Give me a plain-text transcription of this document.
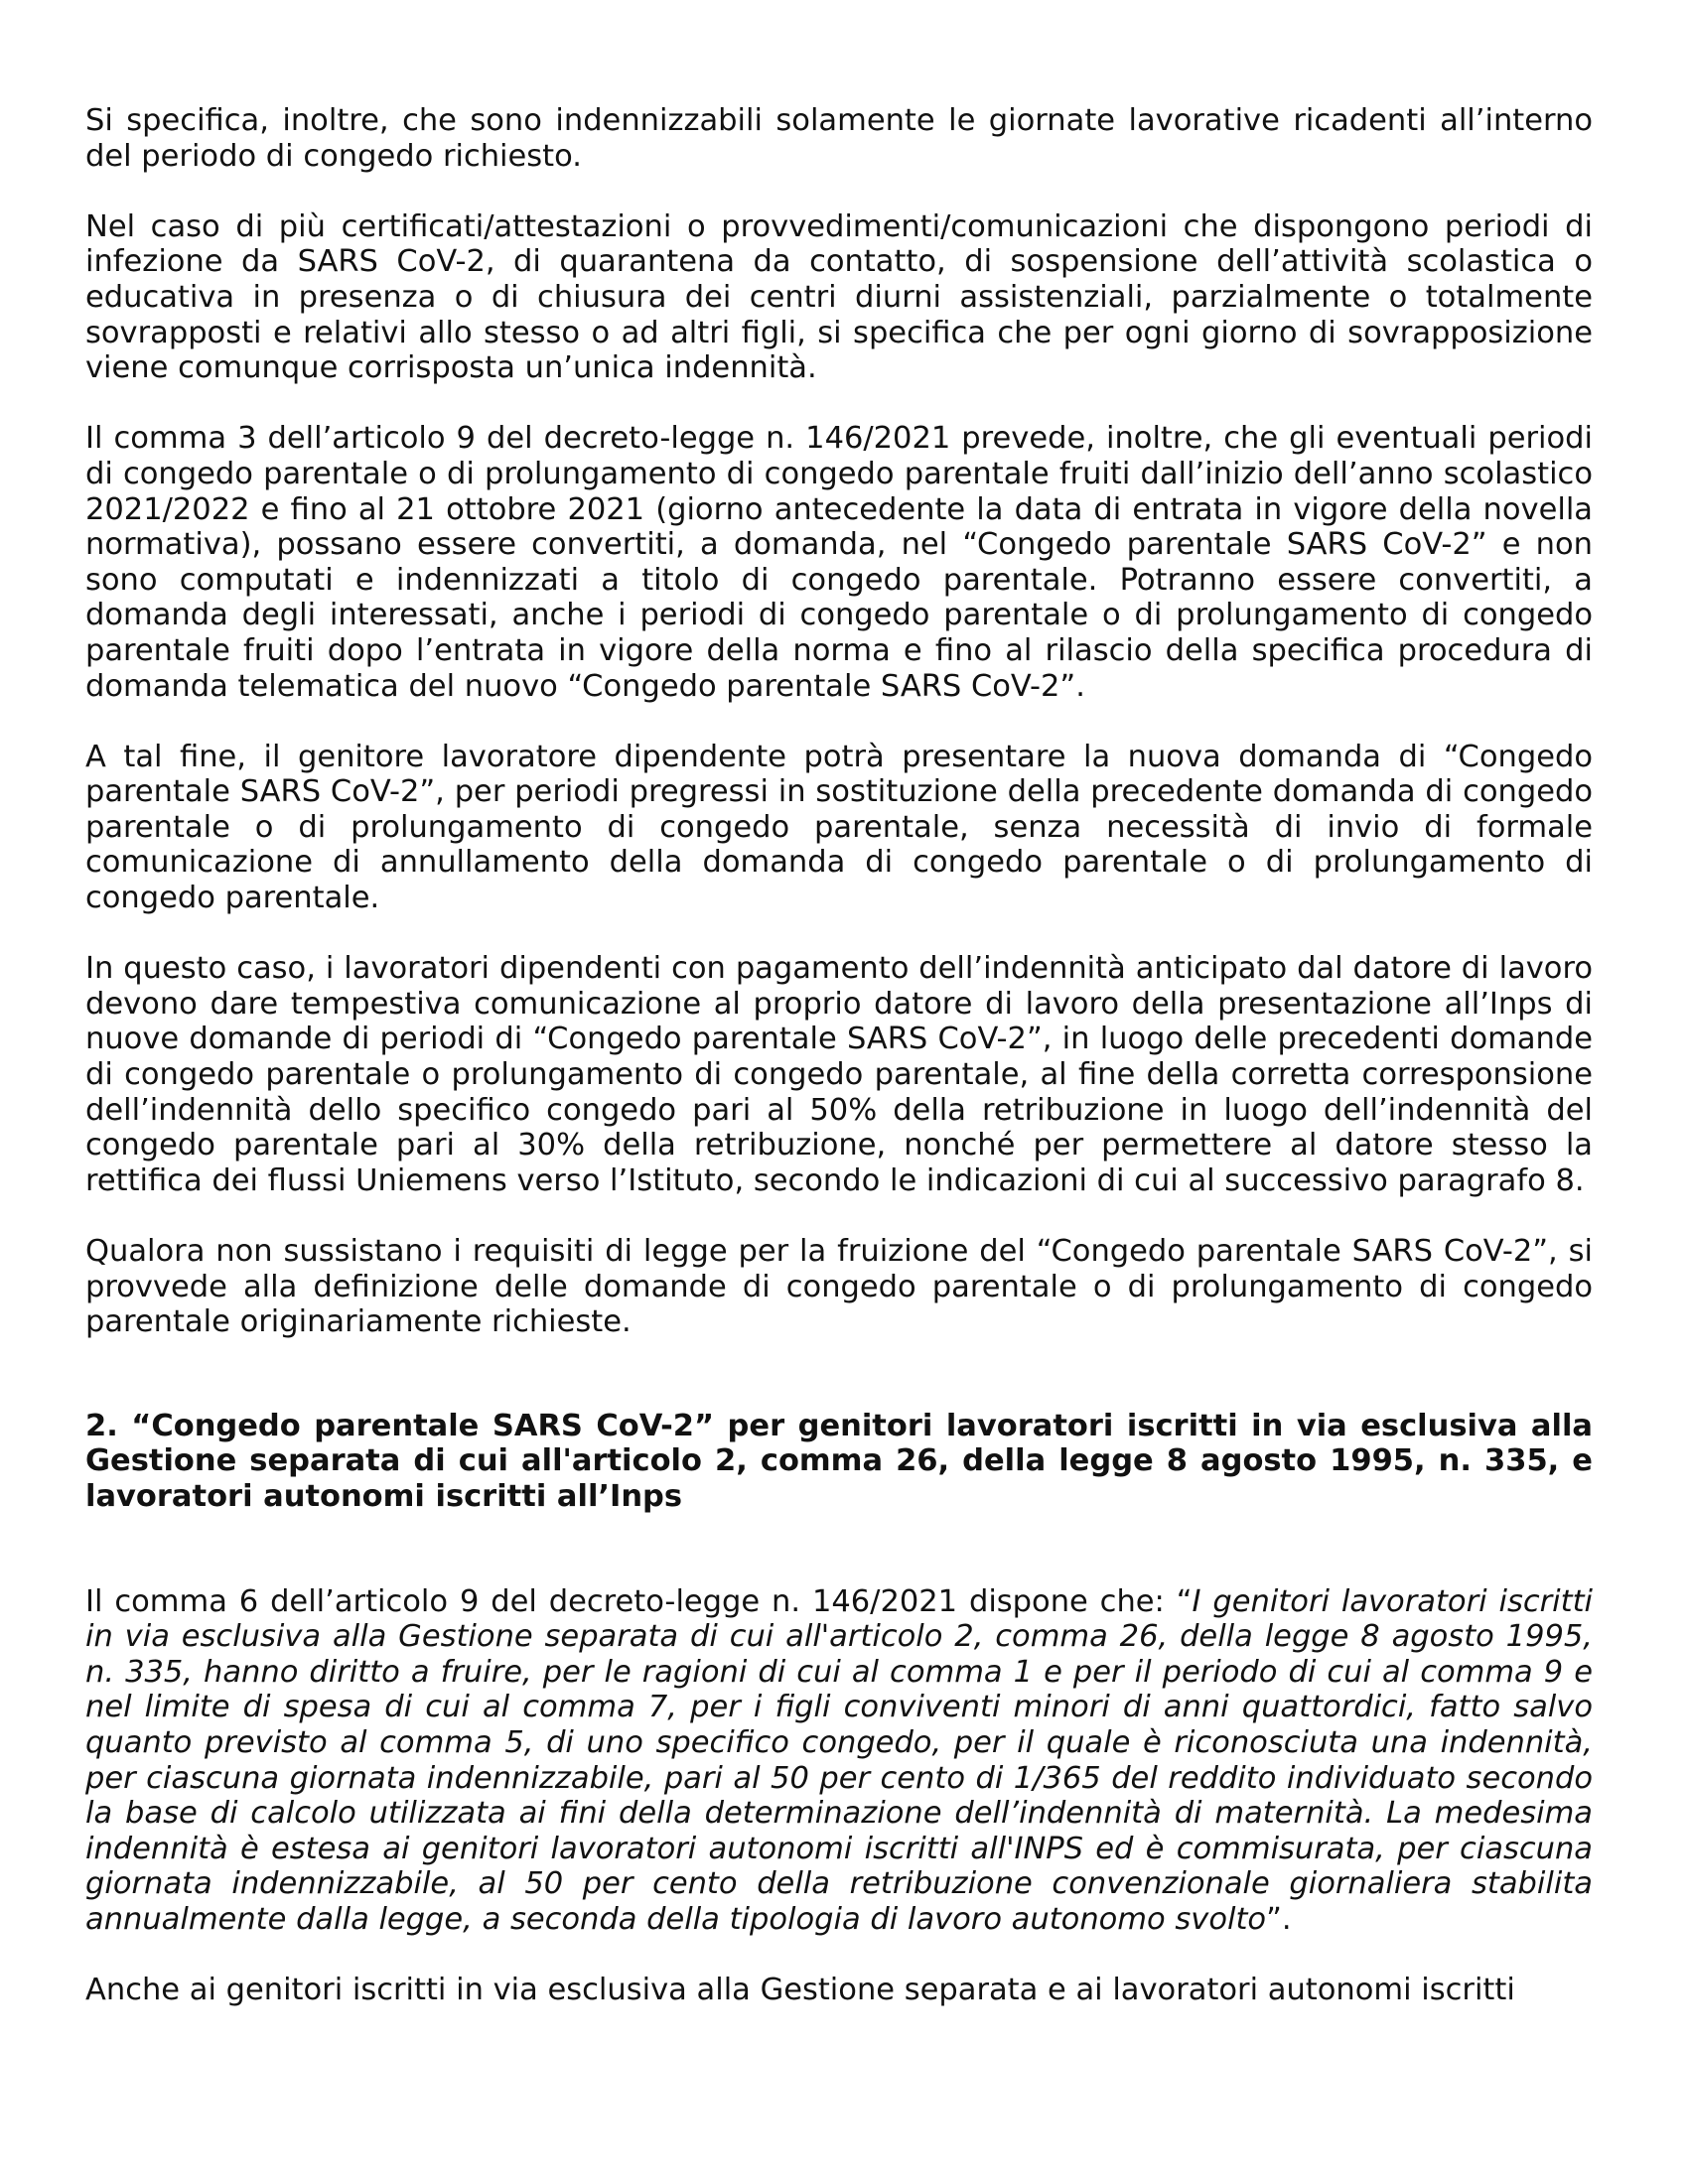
Si specifica, inoltre, che sono indennizzabili solamente le giornate lavorative ricadenti all’interno del periodo di congedo richiesto.

Nel caso di più certificati/attestazioni o provvedimenti/comunicazioni che dispongono periodi di infezione da SARS CoV-2, di quarantena da contatto, di sospensione dell’attività scolastica o educativa in presenza o di chiusura dei centri diurni assistenziali, parzialmente o totalmente sovrapposti e relativi allo stesso o ad altri figli, si specifica che per ogni giorno di sovrapposizione viene comunque corrisposta un’unica indennità.

Il comma 3 dell’articolo 9 del decreto-legge n. 146/2021 prevede, inoltre, che gli eventuali periodi di congedo parentale o di prolungamento di congedo parentale fruiti dall’inizio dell’anno scolastico 2021/2022 e fino al 21 ottobre 2021 (giorno antecedente la data di entrata in vigore della novella normativa), possano essere convertiti, a domanda, nel “Congedo parentale SARS CoV-2” e non sono computati e indennizzati a titolo di congedo parentale. Potranno essere convertiti, a domanda degli interessati, anche i periodi di congedo parentale o di prolungamento di congedo parentale fruiti dopo l’entrata in vigore della norma e fino al rilascio della specifica procedura di domanda telematica del nuovo “Congedo parentale SARS CoV-2”.

A tal fine, il genitore lavoratore dipendente potrà presentare la nuova domanda di “Congedo parentale SARS CoV-2”, per periodi pregressi in sostituzione della precedente domanda di congedo parentale o di prolungamento di congedo parentale, senza necessità di invio di formale comunicazione di annullamento della domanda di congedo parentale o di prolungamento di congedo parentale.

In questo caso, i lavoratori dipendenti con pagamento dell’indennità anticipato dal datore di lavoro devono dare tempestiva comunicazione al proprio datore di lavoro della presentazione all’Inps di nuove domande di periodi di “Congedo parentale SARS CoV-2”, in luogo delle precedenti domande di congedo parentale o prolungamento di congedo parentale, al fine della corretta corresponsione dell’indennità dello specifico congedo pari al 50% della retribuzione in luogo dell’indennità del congedo parentale pari al 30% della retribuzione, nonché per permettere al datore stesso la rettifica dei flussi Uniemens verso l’Istituto, secondo le indicazioni di cui al successivo paragrafo 8.

Qualora non sussistano i requisiti di legge per la fruizione del “Congedo parentale SARS CoV-2”, si provvede alla definizione delle domande di congedo parentale o di prolungamento di congedo parentale originariamente richieste.

2. “Congedo parentale SARS CoV-2” per genitori lavoratori iscritti in via esclusiva alla Gestione separata di cui all'articolo 2, comma 26, della legge 8 agosto 1995, n. 335, e lavoratori autonomi iscritti all’Inps

Il comma 6 dell’articolo 9 del decreto-legge n. 146/2021 dispone che: “I genitori lavoratori iscritti in via esclusiva alla Gestione separata di cui all'articolo 2, comma 26, della legge 8 agosto 1995, n. 335, hanno diritto a fruire, per le ragioni di cui al comma 1 e per il periodo di cui al comma 9 e nel limite di spesa di cui al comma 7, per i figli conviventi minori di anni quattordici, fatto salvo quanto previsto al comma 5, di uno specifico congedo, per il quale è riconosciuta una indennità, per ciascuna giornata indennizzabile, pari al 50 per cento di 1/365 del reddito individuato secondo la base di calcolo utilizzata ai fini della determinazione dell’indennità di maternità. La medesima indennità è estesa ai genitori lavoratori autonomi iscritti all'INPS ed è commisurata, per ciascuna giornata indennizzabile, al 50 per cento della retribuzione convenzionale giornaliera stabilita annualmente dalla legge, a seconda della tipologia di lavoro autonomo svolto”.

Anche ai genitori iscritti in via esclusiva alla Gestione separata e ai lavoratori autonomi iscritti
